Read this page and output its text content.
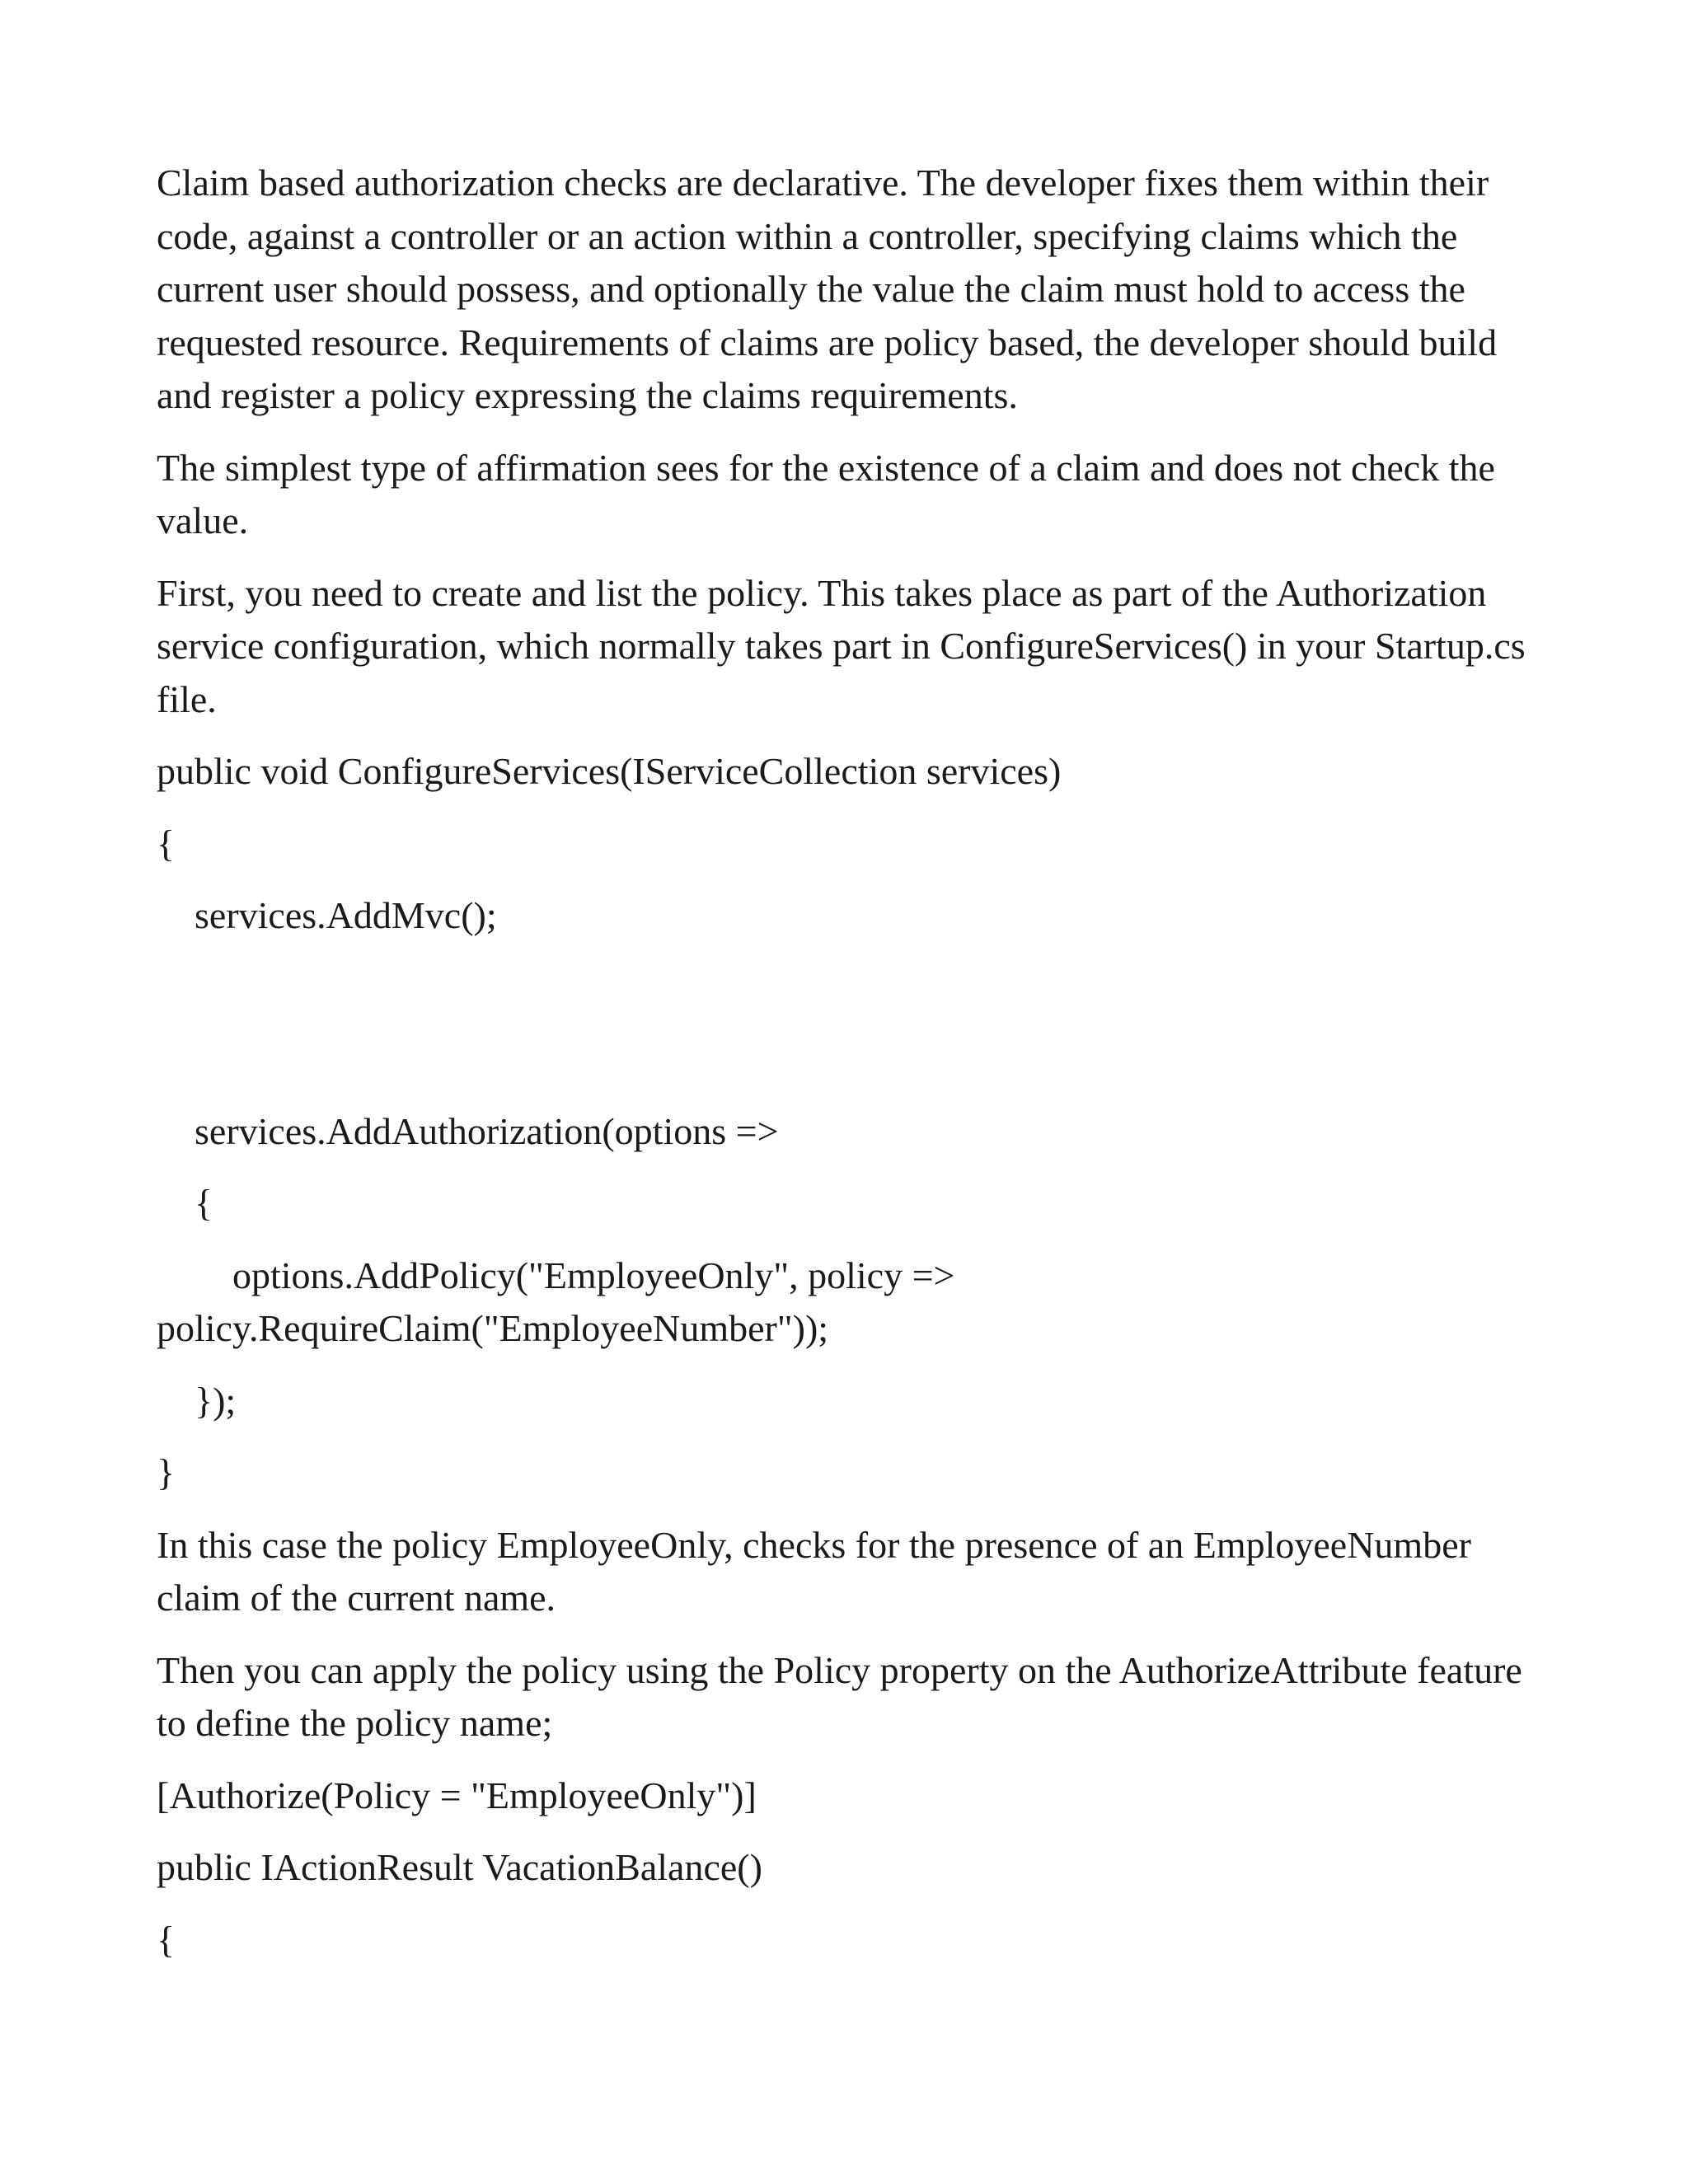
Claim based authorization checks are declarative. The developer fixes them within their code, against a controller or an action within a controller, specifying claims which the current user should possess, and optionally the value the claim must hold to access the requested resource. Requirements of claims are policy based, the developer should build and register a policy expressing the claims requirements.

The simplest type of affirmation sees for the existence of a claim and does not check the value.

First, you need to create and list the policy. This takes place as part of the Authorization service configuration, which normally takes part in ConfigureServices() in your Startup.cs file.

public void ConfigureServices(IServiceCollection services)
{
services.AddMvc();
services.AddAuthorization(options =>
{
options.AddPolicy("EmployeeOnly", policy => policy.RequireClaim("EmployeeNumber"));
});
}

In this case the policy EmployeeOnly, checks for the presence of an EmployeeNumber claim of the current name.

Then you can apply the policy using the Policy property on the AuthorizeAttribute feature to define the policy name;

[Authorize(Policy = "EmployeeOnly")]
public IActionResult VacationBalance()
{
